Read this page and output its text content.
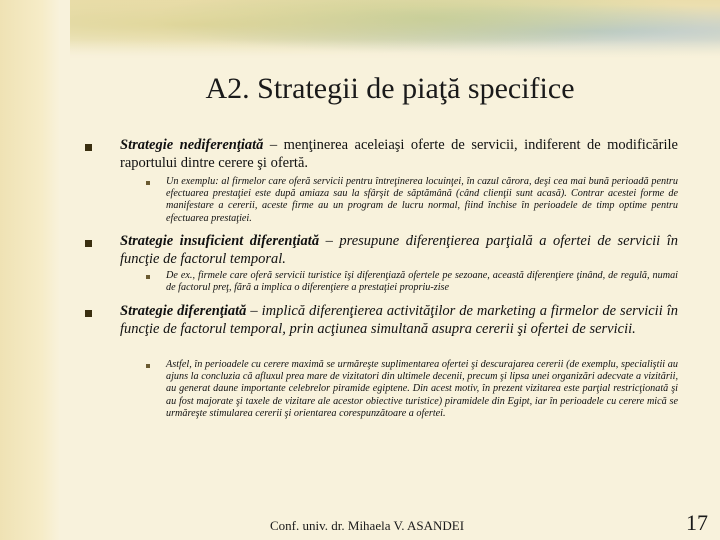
A2. Strategii de piaţă specifice
Strategie nediferenţiată – menţinerea aceleiaşi oferte de servicii, indiferent de modificările raportului dintre cerere şi ofertă.
Un exemplu: al firmelor care oferă servicii pentru întreţinerea locuinţei, în cazul cărora, deşi cea mai bună perioadă pentru efectuarea prestaţiei este după amiaza sau la sfârşit de săptămână (când clienţii sunt acasă). Contrar acestei forme de manifestare a cererii, aceste firme au un program de lucru normal, fiind închise în perioadele de timp optime pentru efectuarea prestaţiei.
Strategie insuficient diferenţiată – presupune diferenţierea parţială a ofertei de servicii în funcţie de factorul temporal.
De ex., firmele care oferă servicii turistice îşi diferenţiază ofertele pe sezoane, această diferenţiere ţinând, de regulă, numai de factorul preţ, fără a implica o diferenţiere a prestaţiei propriu-zise
Strategie diferenţiată – implică diferenţierea activităţilor de marketing a firmelor de servicii în funcţie de factorul temporal, prin acţiunea simultană asupra cererii şi ofertei de servicii.
Astfel, în perioadele cu cerere maximă se urmăreşte suplimentarea ofertei şi descurajarea cererii (de exemplu, specialiştii au ajuns la concluzia că afluxul prea mare de vizitatori din ultimele decenii, precum şi lipsa unei organizări adecvate a vizitării, au generat daune importante celebrelor piramide egiptene. Din acest motiv, în prezent vizitarea este parţial restricţionată şi au fost majorate şi taxele de vizitare ale acestor obiective turistice) piramidele din Egipt, iar în perioadele cu cerere mică se urmăreşte stimularea cererii şi orientarea corespunzătoare a ofertei.
Conf. univ. dr. Mihaela V. ASANDEI	17
